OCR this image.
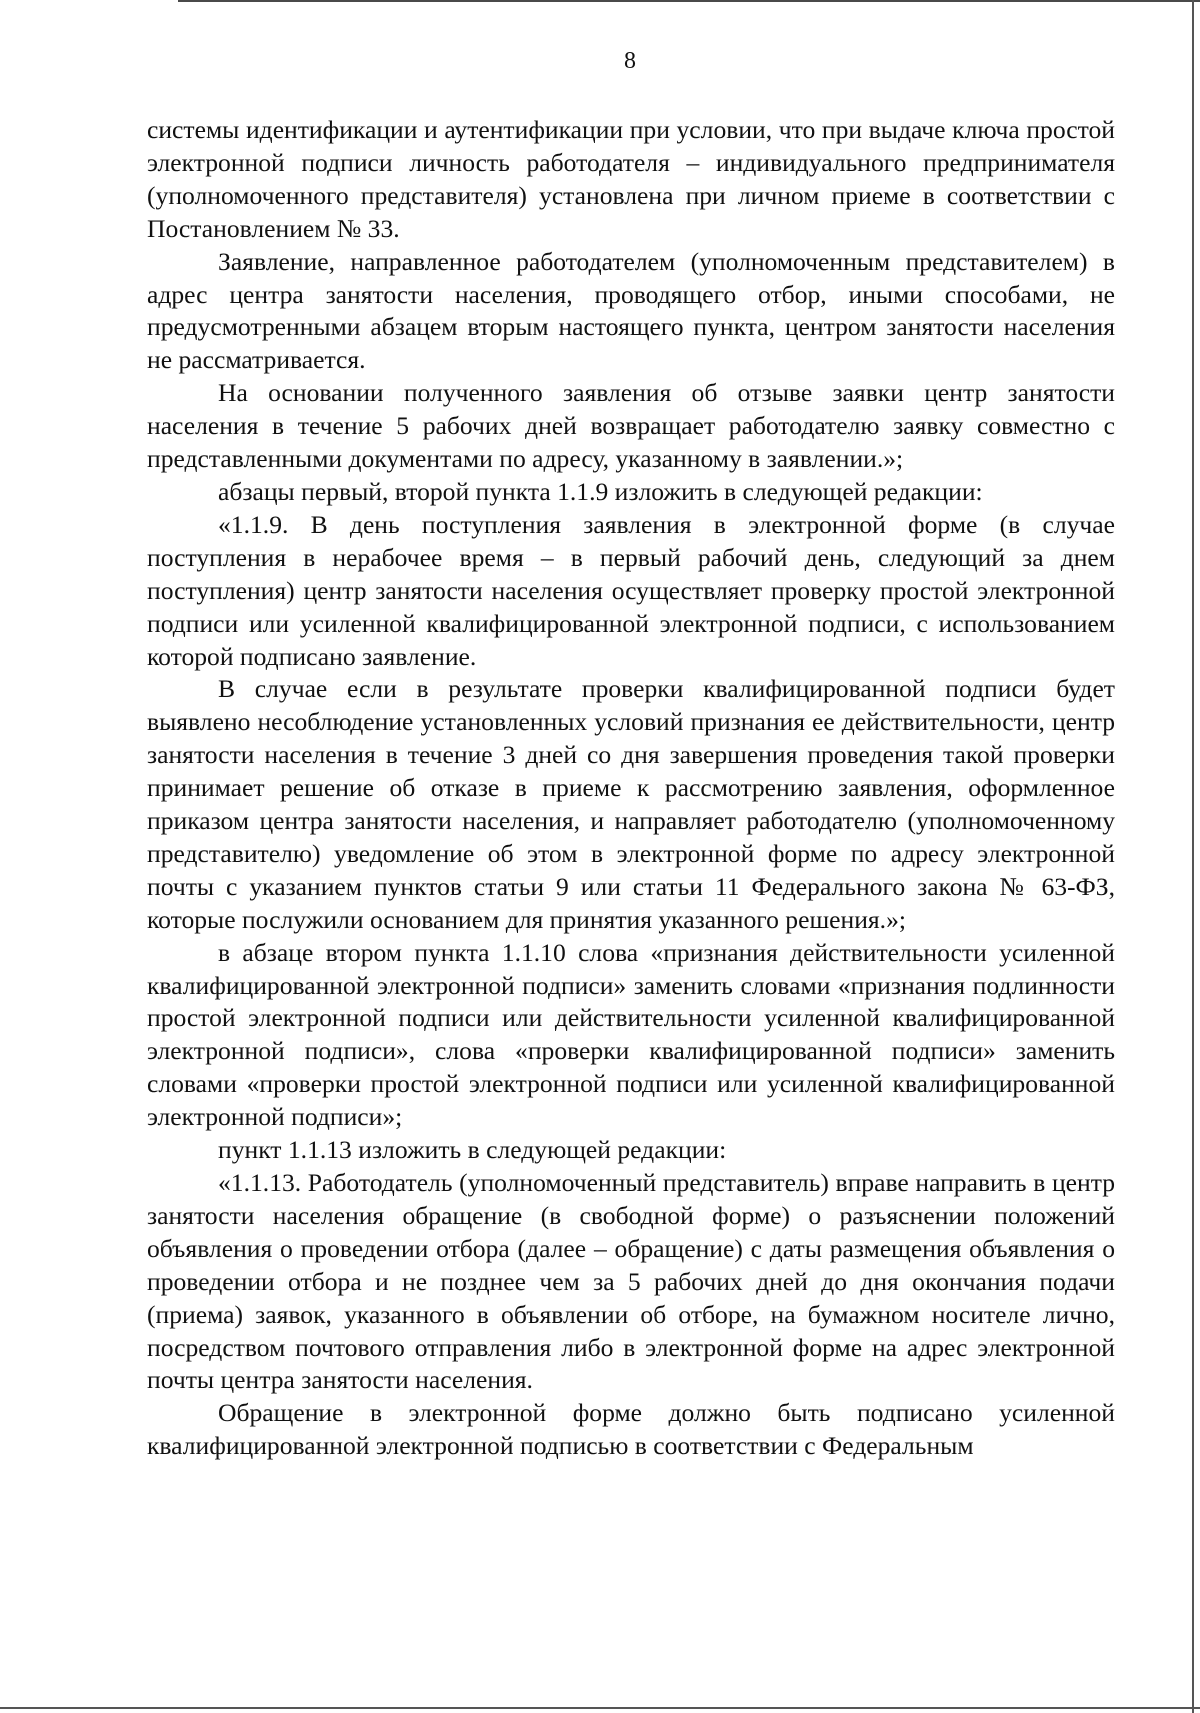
8

системы идентификации и аутентификации при условии, что при выдаче ключа простой электронной подписи личность работодателя – индивидуального предпринимателя (уполномоченного представителя) установлена при личном приеме в соответствии с Постановлением № 33.

Заявление, направленное работодателем (уполномоченным представителем) в адрес центра занятости населения, проводящего отбор, иными способами, не предусмотренными абзацем вторым настоящего пункта, центром занятости населения не рассматривается.

На основании полученного заявления об отзыве заявки центр занятости населения в течение 5 рабочих дней возвращает работодателю заявку совместно с представленными документами по адресу, указанному в заявлении.»;

абзацы первый, второй пункта 1.1.9 изложить в следующей редакции:

«1.1.9. В день поступления заявления в электронной форме (в случае поступления в нерабочее время – в первый рабочий день, следующий за днем поступления) центр занятости населения осуществляет проверку простой электронной подписи или усиленной квалифицированной электронной подписи, с использованием которой подписано заявление.

В случае если в результате проверки квалифицированной подписи будет выявлено несоблюдение установленных условий признания ее действительности, центр занятости населения в течение 3 дней со дня завершения проведения такой проверки принимает решение об отказе в приеме к рассмотрению заявления, оформленное приказом центра занятости населения, и направляет работодателю (уполномоченному представителю) уведомление об этом в электронной форме по адресу электронной почты с указанием пунктов статьи 9 или статьи 11 Федерального закона № 63-ФЗ, которые послужили основанием для принятия указанного решения.»;

в абзаце втором пункта 1.1.10 слова «признания действительности усиленной квалифицированной электронной подписи» заменить словами «признания подлинности простой электронной подписи или действительности усиленной квалифицированной электронной подписи», слова «проверки квалифицированной подписи» заменить словами «проверки простой электронной подписи или усиленной квалифицированной электронной подписи»;

пункт 1.1.13 изложить в следующей редакции:

«1.1.13. Работодатель (уполномоченный представитель) вправе направить в центр занятости населения обращение (в свободной форме) о разъяснении положений объявления о проведении отбора (далее – обращение) с даты размещения объявления о проведении отбора и не позднее чем за 5 рабочих дней до дня окончания подачи (приема) заявок, указанного в объявлении об отборе, на бумажном носителе лично, посредством почтового отправления либо в электронной форме на адрес электронной почты центра занятости населения.

Обращение в электронной форме должно быть подписано усиленной квалифицированной электронной подписью в соответствии с Федеральным
